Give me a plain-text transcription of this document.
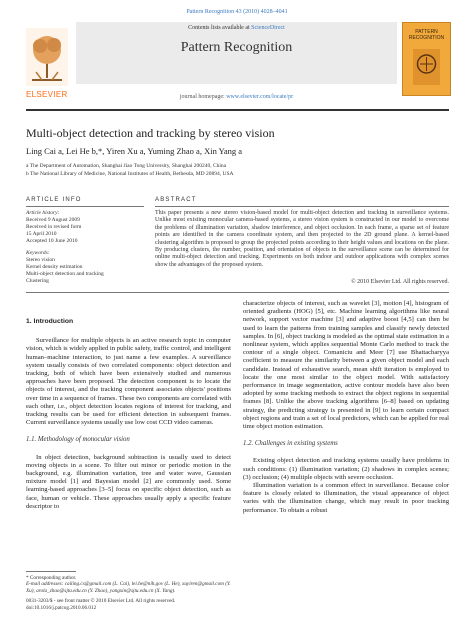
Pattern Recognition 43 (2010) 4028–4041
ELSEVIER
Contents lists available at ScienceDirect
Pattern Recognition
journal homepage: www.elsevier.com/locate/pr
PATTERN RECOGNITION
Multi-object detection and tracking by stereo vision
Ling Cai a, Lei He b,*, Yiren Xu a, Yuming Zhao a, Xin Yang a
a The Department of Automation, Shanghai Jiao Tong University, Shanghai 200240, China
b The National Library of Medicine, National Institutes of Health, Bethesda, MD 20894, USA
ARTICLE INFO
Article history:
Received 9 August 2009
Received in revised form
15 April 2010
Accepted 10 June 2010
Keywords:
Stereo vision
Kernel density estimation
Multi-object detection and tracking
Clustering
ABSTRACT
This paper presents a new stereo vision-based model for multi-object detection and tracking in surveillance systems. Unlike most existing monocular camera-based systems, a stereo vision system is constructed in our model to overcome the problems of illumination variation, shadow interference, and object occlusion. In each frame, a sparse set of feature points are identified in the camera coordinate system, and then projected to the 2D ground plane. A kernel-based clustering algorithm is proposed to group the projected points according to their height values and locations on the plane. By producing clusters, the number, position, and orientation of objects in the surveillance scene can be determined for online multi-object detection and tracking. Experiments on both indoor and outdoor applications with complex scenes show the advantages of the proposed system.
© 2010 Elsevier Ltd. All rights reserved.
1. Introduction

Surveillance for multiple objects is an active research topic in computer vision, which is widely applied in public safety, traffic control, and intelligent human–machine interaction, to just name a few examples. A surveillance system usually consists of two correlated components: object detection and tracking, both of which have been extensively studied and numerous approaches have been proposed. The detection component is to locate the objects of interest, and the tracking component associates objects' positions over time in a sequence of frames. These two components are correlated with each other, i.e., object detection locates regions of interest for tracking, and tracking results can be used for efficient detection in subsequent frames. Current surveillance systems usually use low cost CCD video cameras.

1.1. Methodology of monocular vision

In object detection, background subtraction is usually used to detect moving objects in a scene. To filter out minor or periodic motion in the background, e.g. illumination variation, tree and water wave, Gaussian mixture model [1] and Bayesian model [2] are commonly used. Some learning-based approaches [3–5] focus on specific object detection, such as face, human or vehicle. These approaches usually apply a specific feature descriptor to

characterize objects of interest, such as wavelet [3], motion [4], histogram of oriented gradients (HOG) [5], etc. Machine learning algorithms like neural network, support vector machine [3] and adaptive boost [4,5] can then be used to learn the patterns from training samples and classify newly detected samples. In [6], object tracking is modeled as the optimal state estimation in a nonlinear system, which applies sequential Monte Carlo method to track the contour of a single object. Comaniciu and Meer [7] use Bhattacharyya coefficient to measure the similarity between a given object model and each candidate. Instead of exhaustive search, mean shift iteration is employed to locate the one most similar to the object model. With satisfactory performance in image segmentation, active contour models have also been adopted by some tracking methods to extract the object regions in sequential frames [8]. Unlike the above tracking algorithms [6–8] based on updating strategy, the predicting strategy is presented in [9] to learn certain compact object regions and train a set of local predictors, which can be applied for real time object motion estimation.

1.2. Challenges in existing systems

Existing object detection and tracking systems usually have problems in such conditions: (1) illumination variation; (2) shadows in complex scenes; (3) occlusion; (4) multiple objects with severe occlusion.

Illumination variation is a common effect in surveillance. Because color feature is closely related to illumination, the visual appearance of object varies with the illumination change, which may result in poor tracking performance. To obtain a robust

* Corresponding author.
E-mail addresses: cailing.cs@gmail.com (L. Cai), lei.he@nih.gov (L. He), xuyiren@gmail.com (Y. Xu), arola_zhao@sjtu.edu.cn (Y. Zhao), yangxin@sjtu.edu.cn (X. Yang).
0031-3203/$ - see front matter © 2010 Elsevier Ltd. All rights reserved.
doi:10.1016/j.patcog.2010.06.012
